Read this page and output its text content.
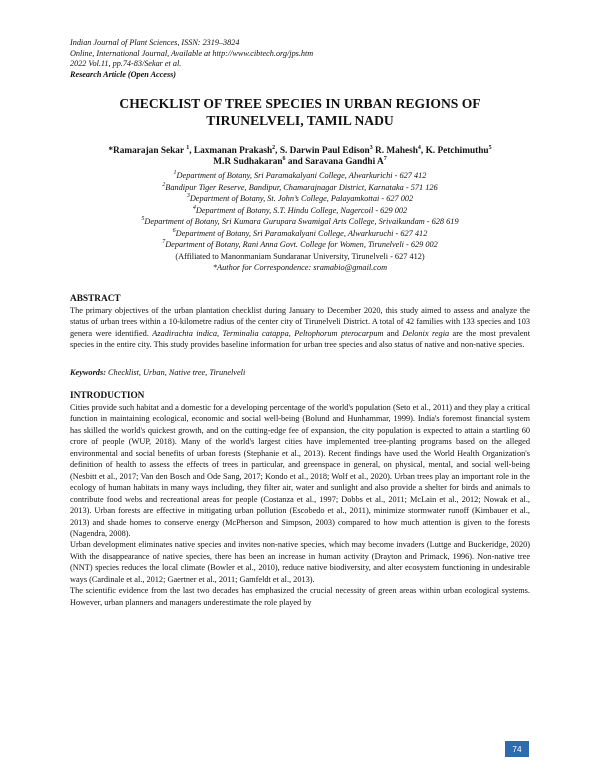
Indian Journal of Plant Sciences, ISSN: 2319–3824
Online, International Journal, Available at http://www.cibtech.org/jps.htm
2022 Vol.11, pp.74-83/Sekar et al.
Research Article (Open Access)
CHECKLIST OF TREE SPECIES IN URBAN REGIONS OF
TIRUNELVELI, TAMIL NADU
*Ramarajan Sekar $^1$, Laxmanan Prakash$^2$, S. Darwin Paul Edison$^3$ R. Mahesh$^4$, K. Petchimuthu$^5$
M.R Sudhakaran$^6$ and Saravana Gandhi $A^7$
$^1$Department of Botany, Sri Paramakalyani College, Alwarkurichi - 627 412
$^2$Bandipur Tiger Reserve, Bandipur, Chamarajnagar District, Karnataka - 571 126
$^3$Department of Botany, St. John’s College, Palayamkottai - 627 002
$^4$Department of Botany, S.T. Hindu College, Nagercoil - 629 002
$^5$Department of Botany, Sri Kumara Gurupara Swamigal Arts College, Srivaikundam - 628 619
$^6$Department of Botany, Sri Paramakalyani College, Alwarkuruchi - 627 412
$^7$Department of Botany, Rani Anna Govt. College for Women, Tirunelveli - 629 002
(Affiliated to Manonmaniam Sundaranar University, Tirunelveli - 627 412)
*Author for Correspondence: sramabio@gmail.com

ABSTRACT

The primary objectives of the urban plantation checklist during January to December 2020, this study aimed to assess and analyze the status of urban trees within a 10-kilometre radius of the center city of Tirunelveli District. A total of 42 families with 133 species and 103 genera were identified. Azadirachta indica, Terminalia catappa, Peltophorum pterocarpum and Delonix regia are the most prevalent species in the entire city. This study provides baseline information for urban tree species and also status of native and non-native species.

Keywords: Checklist, Urban, Native tree, Tirunelveli

INTRODUCTION

Cities provide such habitat and a domestic for a developing percentage of the world's population (Seto et al., 2011) and they play a critical function in maintaining ecological, economic and social well-being (Bolund and Hunhammar, 1999). India's foremost financial system has skilled the world's quickest growth, and on the cutting-edge fee of expansion, the city population is expected to attain a startling 60 crore of people (WUP, 2018). Many of the world's largest cities have implemented tree-planting programs based on the alleged environmental and social benefits of urban forests (Stephanie et al., 2013). Recent findings have used the World Health Organization's definition of health to assess the effects of trees in particular, and greenspace in general, on physical, mental, and social well-being (Nesbitt et al., 2017; Van den Bosch and Ode Sang, 2017; Kondo et al., 2018; Wolf et al., 2020). Urban trees play an important role in the ecology of human habitats in many ways including, they filter air, water and sunlight and also provide a shelter for birds and animals to contribute food webs and recreational areas for people (Costanza et al., 1997; Dobbs et al., 2011; McLain et al., 2012; Nowak et al., 2013). Urban forests are effective in mitigating urban pollution (Escobedo et al., 2011), minimize stormwater runoff (Kimbauer et al., 2013) and shade homes to conserve energy (McPherson and Simpson, 2003) compared to how much attention is given to the forests (Nagendra, 2008).

Urban development eliminates native species and invites non-native species, which may become invaders (Luttge and Buckeridge, 2020) With the disappearance of native species, there has been an increase in human activity (Drayton and Primack, 1996). Non-native tree (NNT) species reduces the local climate (Bowler et al., 2010), reduce native biodiversity, and alter ecosystem functioning in undesirable ways (Cardinale et al., 2012; Gaertner et al., 2011; Gamfeldt et al., 2013).

The scientific evidence from the last two decades has emphasized the crucial necessity of green areas within urban ecological systems. However, urban planners and managers underestimate the role played by

74
